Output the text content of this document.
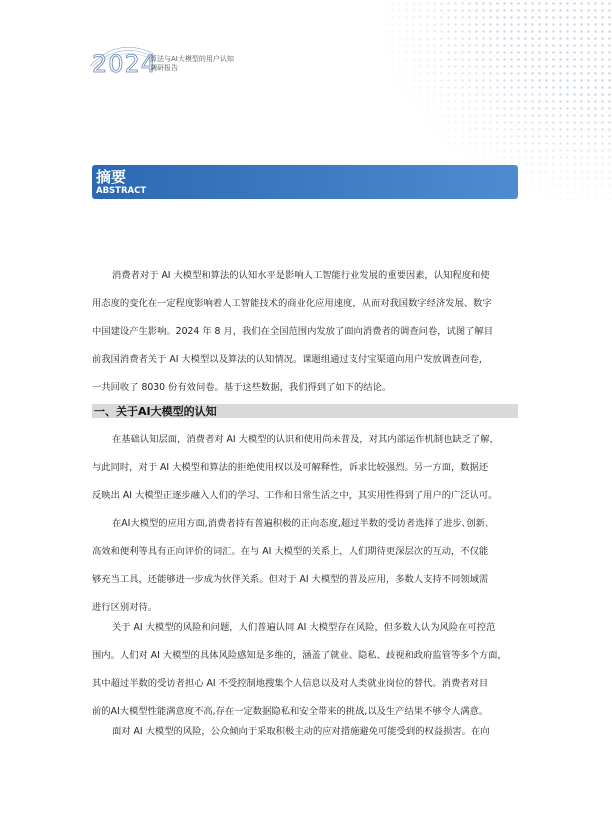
2024
算法与AI大模型的用户认知
调研报告
摘要
ABSTRACT
消费者对于 AI 大模型和算法的认知水平是影响人工智能行业发展的重要因素，认知程度和使
用态度的变化在一定程度影响着人工智能技术的商业化应用速度，从而对我国数字经济发展、数字
中国建设产生影响。2024 年 8 月，我们在全国范围内发放了面向消费者的调查问卷，试图了解目
前我国消费者关于 AI 大模型以及算法的认知情况。课题组通过支付宝渠道向用户发放调查问卷，
一共回收了 8030 份有效问卷。基于这些数据，我们得到了如下的结论。
一、关于AI大模型的认知
在基础认知层面，消费者对 AI 大模型的认识和使用尚未普及，对其内部运作机制也缺乏了解，
与此同时，对于 AI 大模型和算法的拒绝使用权以及可解释性，诉求比较强烈。另一方面，数据还
反映出 AI 大模型正逐步融入人们的学习、工作和日常生活之中，其实用性得到了用户的广泛认可。
在AI大模型的应用方面,消费者持有普遍积极的正向态度,超过半数的受访者选择了进步､创新､
高效和便利等具有正向评价的词汇。在与 AI 大模型的关系上，人们期待更深层次的互动，不仅能
够充当工具，还能够进一步成为伙伴关系。但对于 AI 大模型的普及应用，多数人支持不同领域需
进行区别对待。
关于 AI 大模型的风险和问题，人们普遍认同 AI 大模型存在风险，但多数人认为风险在可控范
围内。人们对 AI 大模型的具体风险感知是多维的，涵盖了就业、隐私、歧视和政府监管等多个方面，
其中超过半数的受访者担心 AI 不受控制地搜集个人信息以及对人类就业岗位的替代。消费者对目
前的AI大模型性能满意度不高,存在一定数据隐私和安全带来的挑战,以及生产结果不够令人满意。
面对 AI 大模型的风险，公众倾向于采取积极主动的应对措施避免可能受到的权益损害。在向
